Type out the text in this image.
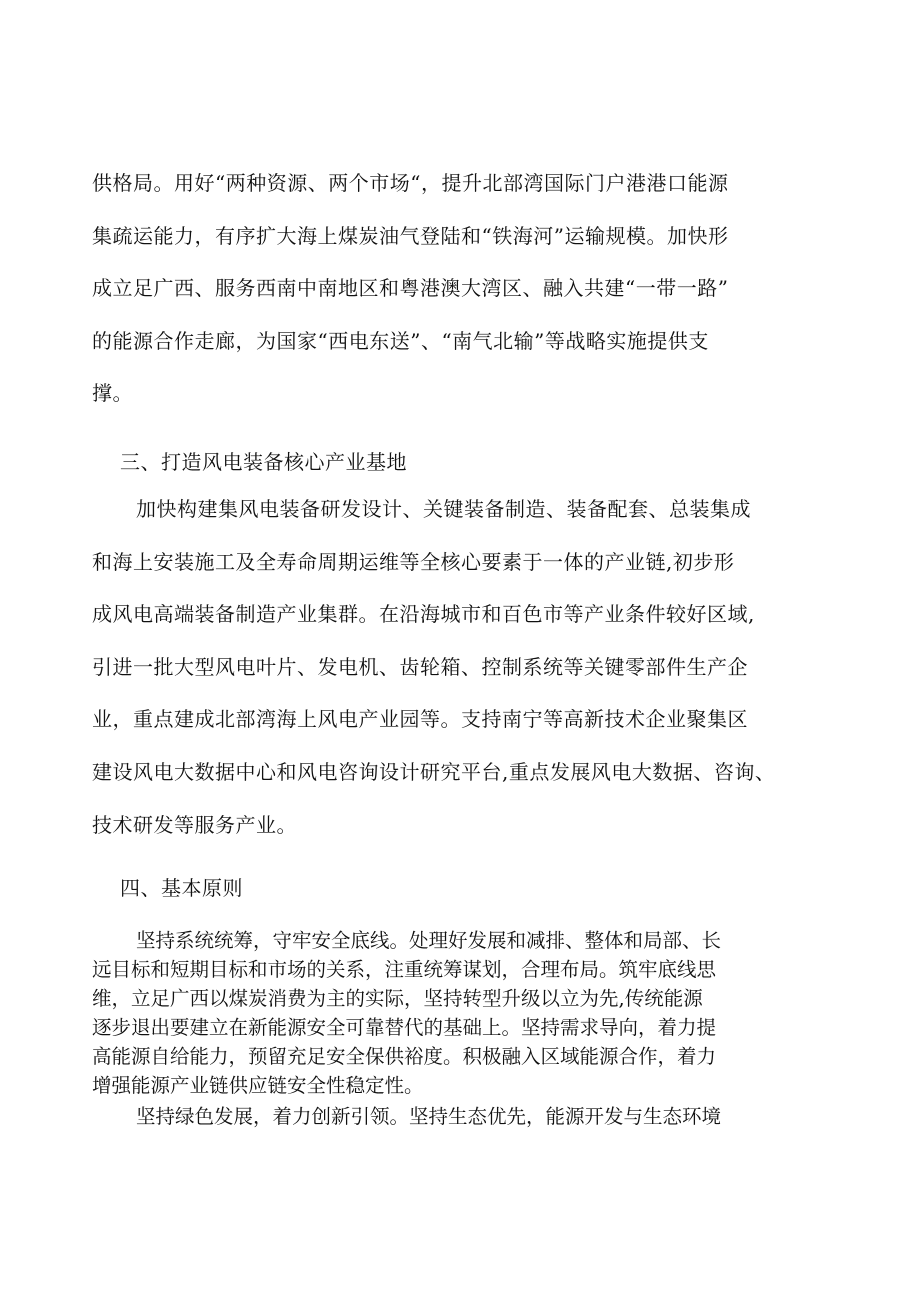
供格局。用好“两种资源、两个市场“，提升北部湾国际门户港港口能源
集疏运能力，有序扩大海上煤炭油气登陆和“铁海河”运输规模。加快形
成立足广西、服务西南中南地区和粤港澳大湾区、融入共建“一带一路”
的能源合作走廊，为国家“西电东送”、“南气北输”等战略实施提供支
撑。

三、打造风电装备核心产业基地

加快构建集风电装备研发设计、关键装备制造、装备配套、总装集成
和海上安装施工及全寿命周期运维等全核心要素于一体的产业链,初步形
成风电高端装备制造产业集群。在沿海城市和百色市等产业条件较好区域,
引进一批大型风电叶片、发电机、齿轮箱、控制系统等关键零部件生产企
业，重点建成北部湾海上风电产业园等。支持南宁等高新技术企业聚集区
建设风电大数据中心和风电咨询设计研究平台,重点发展风电大数据、咨询、
技术研发等服务产业。

四、基本原则

坚持系统统筹，守牢安全底线。处理好发展和减排、整体和局部、长
远目标和短期目标和市场的关系，注重统筹谋划，合理布局。筑牢底线思
维，立足广西以煤炭消费为主的实际，坚持转型升级以立为先,传统能源
逐步退出要建立在新能源安全可靠替代的基础上。坚持需求导向，着力提
高能源自给能力，预留充足安全保供裕度。积极融入区域能源合作，着力
增强能源产业链供应链安全性稳定性。

坚持绿色发展，着力创新引领。坚持生态优先，能源开发与生态环境
